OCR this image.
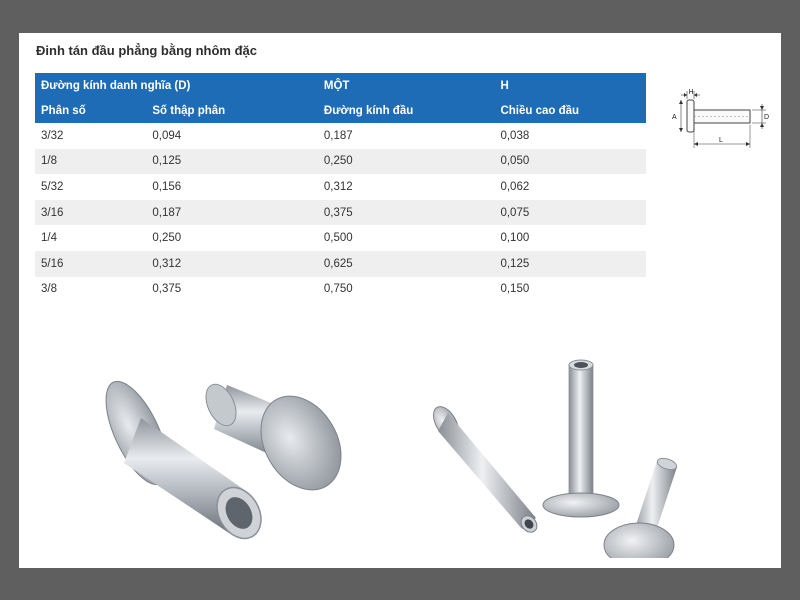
Đinh tán đầu phẳng bằng nhôm đặc
Đường kính danh nghĩa (D)		MỘT	H
Phân số	Số thập phân	Đường kính đầu	Chiều cao đầu
3/32	0,094	0,187	0,038
1/8	0,125	0,250	0,050
5/32	0,156	0,312	0,062
3/16	0,187	0,375	0,075
1/4	0,250	0,500	0,100
5/16	0,312	0,625	0,125
3/8	0,375	0,750	0,150
H
A	D
L
